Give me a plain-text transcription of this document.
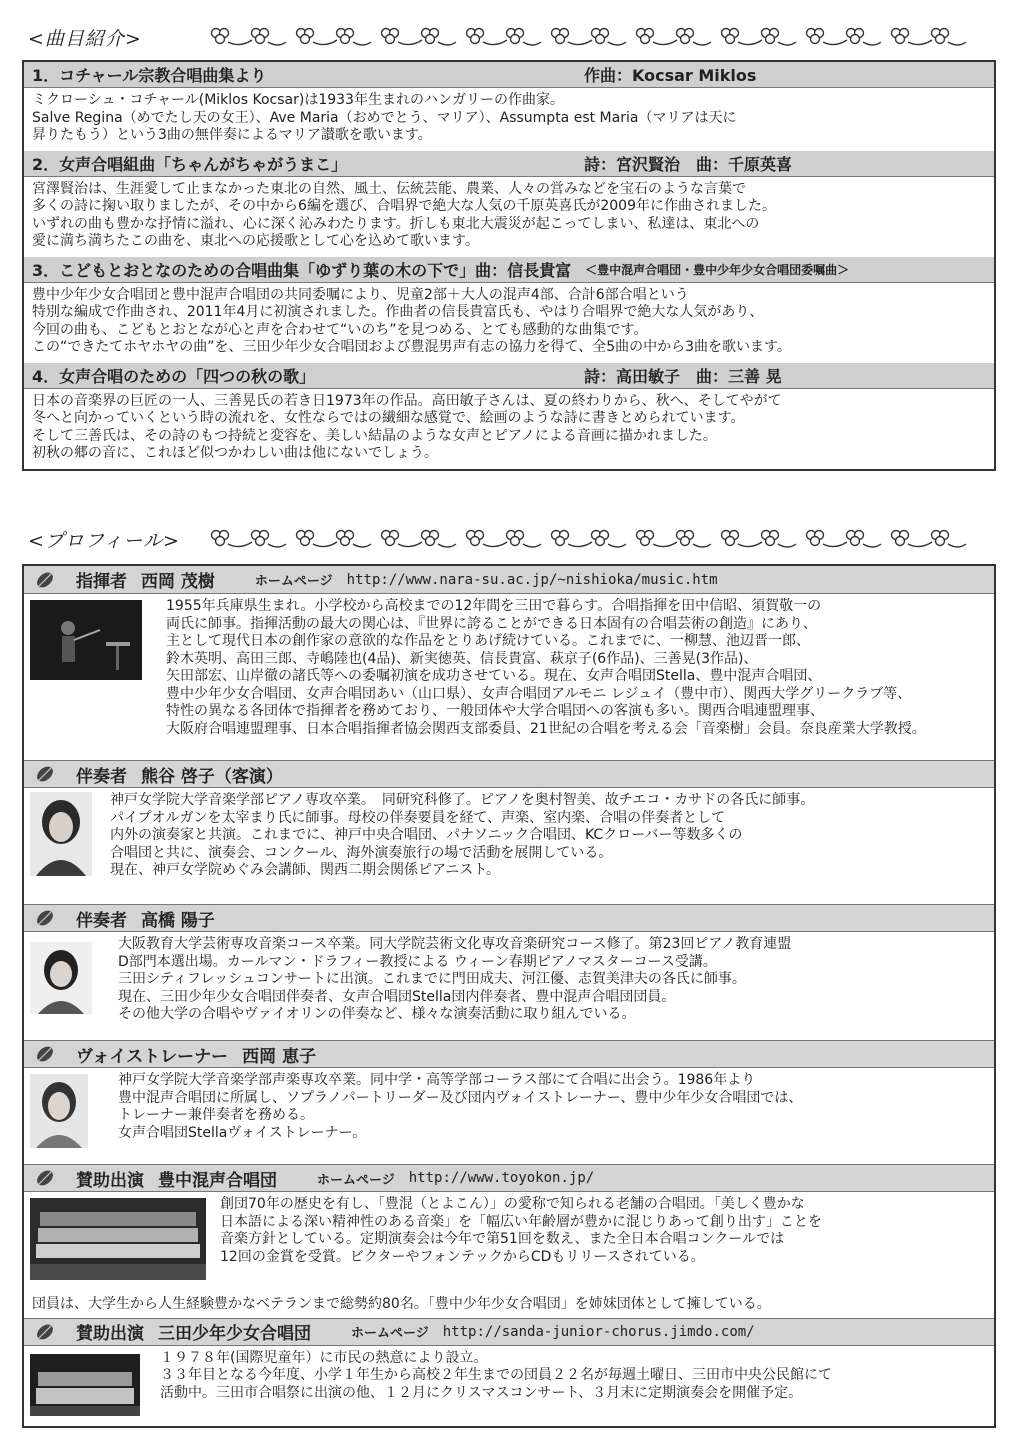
<曲目紹介>
1．コチャール宗教合唱曲集より	作曲：Kocsar Miklos
ミクローシュ・コチャール(Miklos Kocsar)は1933年生まれのハンガリーの作曲家。
Salve Regina（めでたし天の女王）、Ave Maria（おめでとう、マリア）、Assumpta est Maria（マリアは天に
昇りたもう）という3曲の無伴奏によるマリア讃歌を歌います。
2．女声合唱組曲「ちゃんがちゃがうまこ」	詩：宮沢賢治　曲：千原英喜
宮澤賢治は、生涯愛して止まなかった東北の自然、風土、伝統芸能、農業、人々の営みなどを宝石のような言葉で
多くの詩に掬い取りましたが、その中から6編を選び、合唱界で絶大な人気の千原英喜氏が2009年に作曲されました。
いずれの曲も豊かな抒情に溢れ、心に深く沁みわたります。折しも東北大震災が起こってしまい、私達は、東北への
愛に満ち満ちたこの曲を、東北への応援歌として心を込めて歌います。
3．こどもとおとなのための合唱曲集「ゆずり葉の木の下で」曲：信長貴富 ＜豊中混声合唱団・豊中少年少女合唱団委嘱曲＞
豊中少年少女合唱団と豊中混声合唱団の共同委嘱により、児童2部＋大人の混声4部、合計6部合唱という
特別な編成で作曲され、2011年4月に初演されました。作曲者の信長貴富氏も、やはり合唱界で絶大な人気があり、
今回の曲も、こどもとおとなが心と声を合わせて“いのち”を見つめる、とても感動的な曲集です。
この“できたてホヤホヤの曲”を、三田少年少女合唱団および豊混男声有志の協力を得て、全5曲の中から3曲を歌います。
4．女声合唱のための「四つの秋の歌」	詩：高田敏子　曲：三善 晃
日本の音楽界の巨匠の一人、三善晃氏の若き日1973年の作品。高田敏子さんは、夏の終わりから、秋へ、そしてやがて
冬へと向かっていくという時の流れを、女性ならではの繊細な感覚で、絵画のような詩に書きとめられています。
そして三善氏は、その詩のもつ持続と変容を、美しい結晶のような女声とピアノによる音画に描かれました。
初秋の郷の音に、これほど似つかわしい曲は他にないでしょう。
<プロフィール>
指揮者 西岡 茂樹	ホームページ http://www.nara-su.ac.jp/~nishioka/music.htm
1955年兵庫県生まれ。小学校から高校までの12年間を三田で暮らす。合唱指揮を田中信昭、須賀敬一の
両氏に師事。指揮活動の最大の関心は、『世界に誇ることができる日本固有の合唱芸術の創造』にあり、
主として現代日本の創作家の意欲的な作品をとりあげ続けている。これまでに、一柳慧、池辺晋一郎、
鈴木英明、高田三郎、寺嶋陸也(4品)、新実徳英、信長貴富、萩京子(6作品)、三善晃(3作品)、
矢田部宏、山岸徹の諸氏等への委嘱初演を成功させている。現在、女声合唱団Stella、豊中混声合唱団、
豊中少年少女合唱団、女声合唱団あい（山口県）、女声合唱団アルモニ レジュイ（豊中市）、関西大学グリークラブ等、
特性の異なる各団体で指揮者を務めており、一般団体や大学合唱団への客演も多い。関西合唱連盟理事、
大阪府合唱連盟理事、日本合唱指揮者協会関西支部委員、21世紀の合唱を考える会「音楽樹」会員。奈良産業大学教授。
伴奏者 熊谷 啓子（客演）
神戸女学院大学音楽学部ピアノ専攻卒業。　同研究科修了。ピアノを奥村智美、故チエコ・カサドの各氏に師事。
パイプオルガンを太宰まり氏に師事。母校の伴奏要員を経て、声楽、室内楽、合唱の伴奏者として
内外の演奏家と共演。これまでに、神戸中央合唱団、パナソニック合唱団、KCクローバー等数多くの
合唱団と共に、演奏会、コンクール、海外演奏旅行の場で活動を展開している。
現在、神戸女学院めぐみ会講師、関西二期会関係ピアニスト。
伴奏者 高橋 陽子
大阪教育大学芸術専攻音楽コース卒業。同大学院芸術文化専攻音楽研究コース修了。第23回ピアノ教育連盟
D部門本選出場。カールマン・ドラフィー教授による ウィーン春期ピアノマスターコース受講。
三田シティフレッシュコンサートに出演。これまでに門田成夫、河江優、志賀美津夫の各氏に師事。
現在、三田少年少女合唱団伴奏者、女声合唱団Stella団内伴奏者、豊中混声合唱団団員。
その他大学の合唱やヴァイオリンの伴奏など、様々な演奏活動に取り組んでいる。
ヴォイストレーナー 西岡 恵子
神戸女学院大学音楽学部声楽専攻卒業。同中学・高等学部コーラス部にて合唱に出会う。1986年より
豊中混声合唱団に所属し、ソプラノパートリーダー及び団内ヴォイストレーナー、豊中少年少女合唱団では、
トレーナー兼伴奏者を務める。
女声合唱団Stellaヴォイストレーナー。
賛助出演 豊中混声合唱団	ホームページ http://www.toyokon.jp/
創団70年の歴史を有し、「豊混（とよこん）」の愛称で知られる老舗の合唱団。「美しく豊かな
日本語による深い精神性のある音楽」を「幅広い年齢層が豊かに混じりあって創り出す」ことを
音楽方針としている。定期演奏会は今年で第51回を数え、また全日本合唱コンクールでは
12回の金賞を受賞。ビクターやフォンテックからCDもリリースされている。
団員は、大学生から人生経験豊かなベテランまで総勢約80名。「豊中少年少女合唱団」を姉妹団体として擁している。
賛助出演 三田少年少女合唱団	ホームページ http://sanda-junior-chorus.jimdo.com/
１９７８年(国際児童年）に市民の熱意により設立。
３３年目となる今年度、小学１年生から高校２年生までの団員２２名が毎週土曜日、三田市中央公民館にて
活動中。三田市合唱祭に出演の他、１２月にクリスマスコンサート、３月末に定期演奏会を開催予定。
